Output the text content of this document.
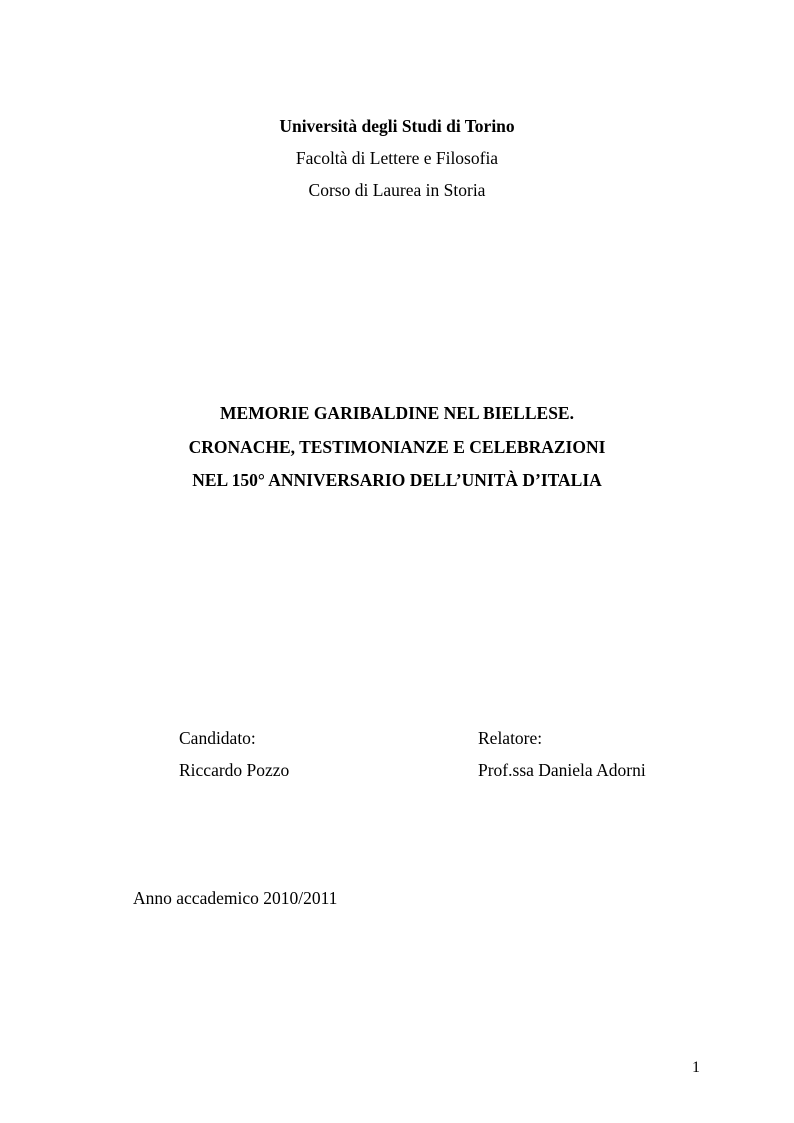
Università degli Studi di Torino
Facoltà di Lettere e Filosofia
Corso di Laurea in Storia
MEMORIE GARIBALDINE NEL BIELLESE.
CRONACHE, TESTIMONIANZE E CELEBRAZIONI
NEL 150° ANNIVERSARIO DELL’UNITÀ D’ITALIA
Candidato:
Riccardo Pozzo
Relatore:
Prof.ssa Daniela Adorni
Anno accademico 2010/2011
1
